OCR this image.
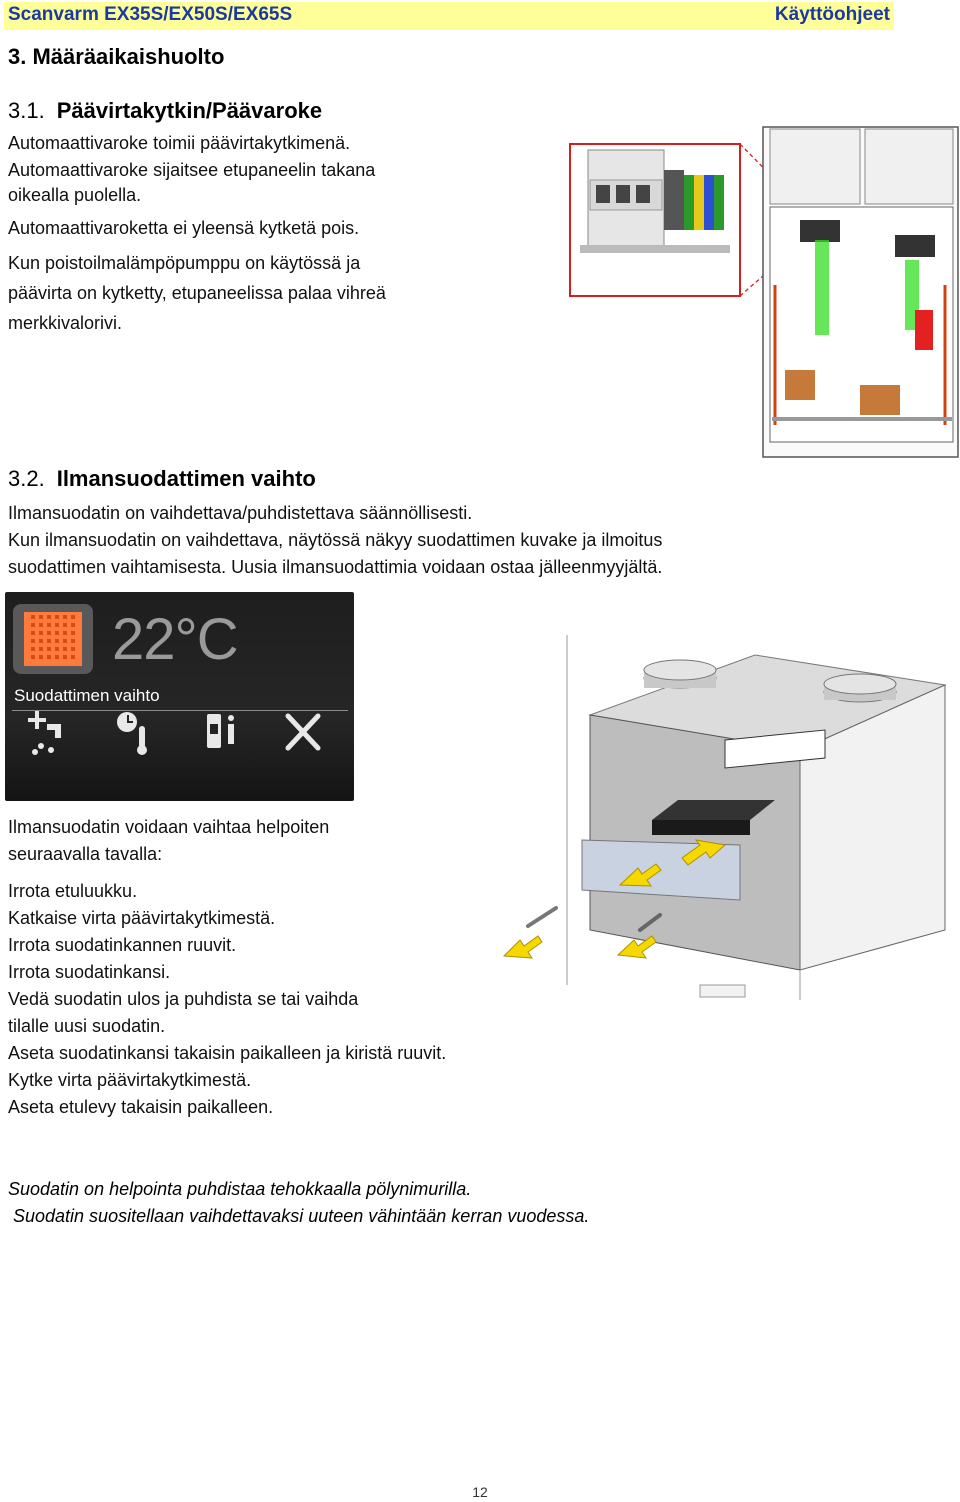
Scanvarm EX35S/EX50S/EX65S	Käyttöohjeet
3. Määräaikaishuolto
3.1. Päävirtakytkin/Päävaroke

Automaattivaroke toimii päävirtakytkimenä.

Automaattivaroke sijaitsee etupaneelin takana

oikealla puolella.

Automaattivaroketta ei yleensä kytketä pois.

Kun poistoilmalämpöpumppu on käytössä ja

päävirta on kytketty, etupaneelissa palaa vihreä

merkkivalorivi.

3.2. Ilmansuodattimen vaihto

Ilmansuodatin on vaihdettava/puhdistettava säännöllisesti.

Kun ilmansuodatin on vaihdettava, näytössä näkyy suodattimen kuvake ja ilmoitus

suodattimen vaihtamisesta. Uusia ilmansuodattimia voidaan ostaa jälleenmyyjältä.

22°C
Suodattimen vaihto

Ilmansuodatin voidaan vaihtaa helpoiten

seuraavalla tavalla:

Irrota etuluukku.

Katkaise virta päävirtakytkimestä.

Irrota suodatinkannen ruuvit.

Irrota suodatinkansi.

Vedä suodatin ulos ja puhdista se tai vaihda

tilalle uusi suodatin.

Aseta suodatinkansi takaisin paikalleen ja kiristä ruuvit.

Kytke virta päävirtakytkimestä.

Aseta etulevy takaisin paikalleen.

Suodatin on helpointa puhdistaa tehokkaalla pölynimurilla.
Suodatin suositellaan vaihdettavaksi uuteen vähintään kerran vuodessa.
12
